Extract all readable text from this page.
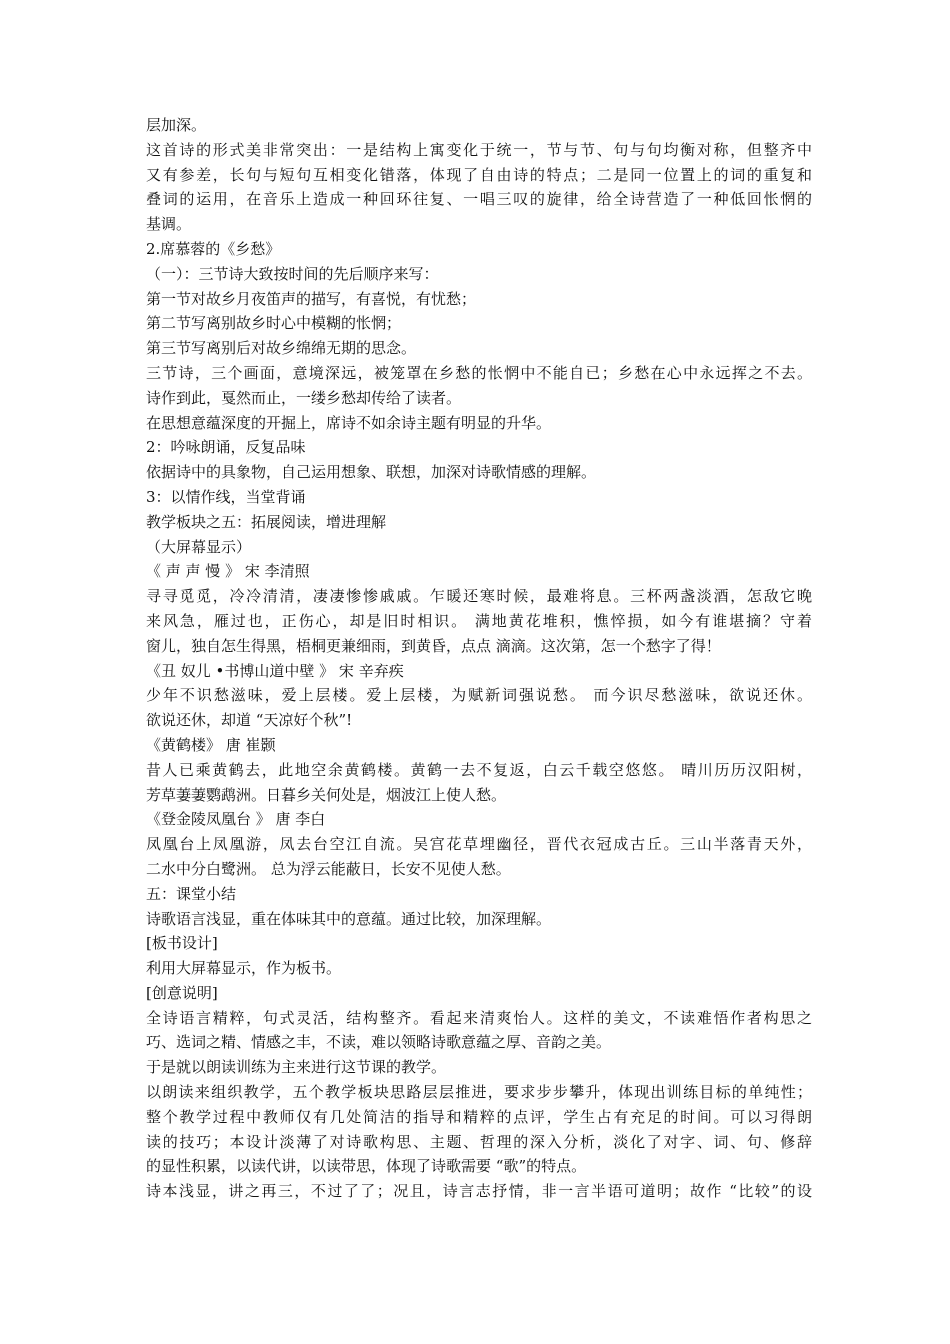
层加深。
这首诗的形式美非常突出：一是结构上寓变化于统一，节与节、句与句均衡对称，但整齐中
又有参差，长句与短句互相变化错落，体现了自由诗的特点；二是同一位置上的词的重复和
叠词的运用，在音乐上造成一种回环往复、一唱三叹的旋律，给全诗营造了一种低回怅惘的
基调。
2.席慕蓉的《乡愁》
（一）：三节诗大致按时间的先后顺序来写：
第一节对故乡月夜笛声的描写，有喜悦，有忧愁；
第二节写离别故乡时心中模糊的怅惘；
第三节写离别后对故乡绵绵无期的思念。
三节诗，三个画面，意境深远，被笼罩在乡愁的怅惘中不能自已；乡愁在心中永远挥之不去。
诗作到此，戛然而止，一缕乡愁却传给了读者。
在思想意蕴深度的开掘上，席诗不如余诗主题有明显的升华。
2：吟咏朗诵，反复品味
依据诗中的具象物，自己运用想象、联想，加深对诗歌情感的理解。
3：以情作线，当堂背诵
教学板块之五：拓展阅读，增进理解
（大屏幕显示）
《 声 声 慢 》 宋 李清照
寻寻觅觅，冷冷清清，凄凄惨惨戚戚。乍暖还寒时候，最难将息。三杯两盏淡酒，怎敌它晚
来风急，雁过也，正伤心，却是旧时相识。 满地黄花堆积，憔悴损，如今有谁堪摘？守着
窗儿，独自怎生得黑，梧桐更兼细雨，到黄昏，点点 滴滴。这次第，怎一个愁字了得！
《丑 奴儿 •书博山道中壁 》 宋 辛弃疾
少年不识愁滋味，爱上层楼。爱上层楼，为赋新词强说愁。 而今识尽愁滋味，欲说还休。
欲说还休，却道 “天凉好个秋”!
《黄鹤楼》 唐 崔颢
昔人已乘黄鹤去，此地空余黄鹤楼。黄鹤一去不复返，白云千载空悠悠。 晴川历历汉阳树，
芳草萋萋鹦鹉洲。日暮乡关何处是，烟波江上使人愁。
《登金陵凤凰台 》 唐 李白
凤凰台上凤凰游，凤去台空江自流。吴宫花草埋幽径，晋代衣冠成古丘。三山半落青天外，
二水中分白鹭洲。 总为浮云能蔽日，长安不见使人愁。
五：课堂小结
诗歌语言浅显，重在体味其中的意蕴。通过比较，加深理解。
[板书设计]
利用大屏幕显示，作为板书。
[创意说明]
全诗语言精粹，句式灵活，结构整齐。看起来清爽怡人。这样的美文，不读难悟作者构思之
巧、选词之精、情感之丰，不读，难以领略诗歌意蕴之厚、音韵之美。
于是就以朗读训练为主来进行这节课的教学。
以朗读来组织教学，五个教学板块思路层层推进，要求步步攀升，体现出训练目标的单纯性；
整个教学过程中教师仅有几处简洁的指导和精粹的点评，学生占有充足的时间。可以习得朗
读的技巧；本设计淡薄了对诗歌构思、主题、哲理的深入分析，淡化了对字、词、句、修辞
的显性积累，以读代讲，以读带思，体现了诗歌需要 “歌”的特点。
诗本浅显，讲之再三，不过了了；况且，诗言志抒情，非一言半语可道明；故作 “比较”的设
